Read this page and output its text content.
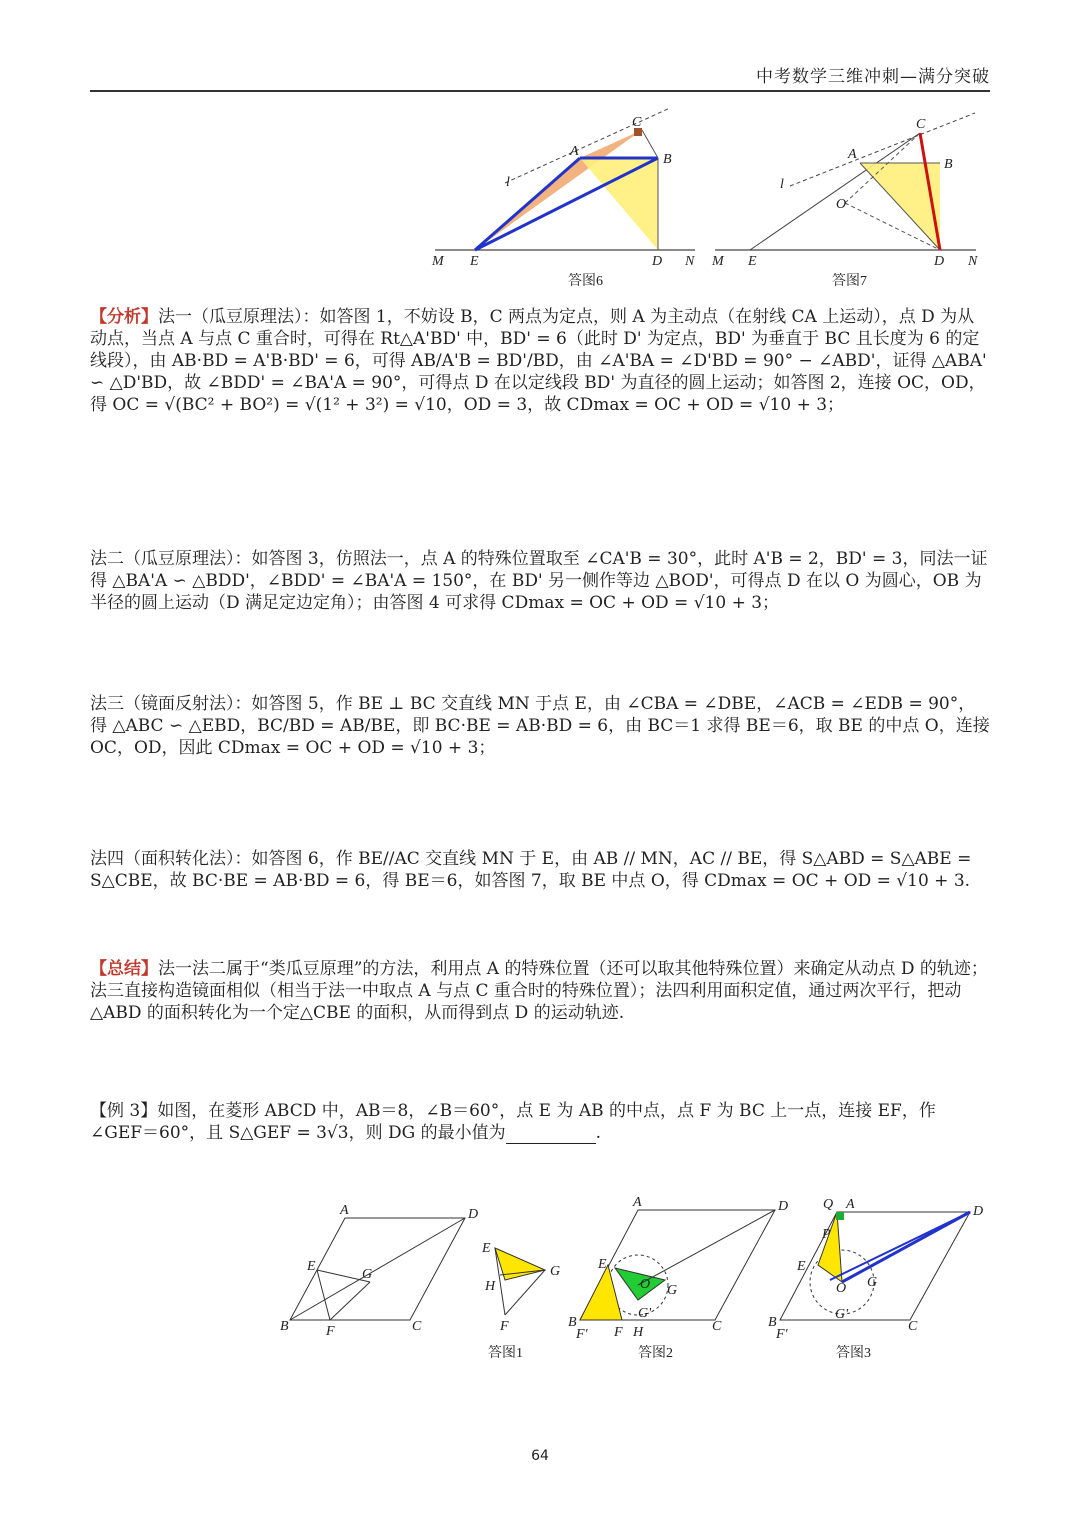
中考数学三维冲刺—满分突破
C
A
B
l
M E	D N
答图6
C
A
B
l
O
M E	D N
答图7
【分析】法一（瓜豆原理法）：如答图 1，不妨设 B，C 两点为定点，则 A 为主动点（在射线 CA 上运动），点 D 为从动点，当点 A 与点 C 重合时，可得在 Rt△A'BD' 中，BD' = 6（此时 D' 为定点，BD' 为垂直于 BC 且长度为 6 的定线段），由 AB·BD = A'B·BD' = 6，可得 AB/A'B = BD'/BD，由 ∠A'BA = ∠D'BD = 90° − ∠ABD'，证得 △ABA' ∽ △D'BD，故 ∠BDD' = ∠BA'A = 90°，可得点 D 在以定线段 BD' 为直径的圆上运动；如答图 2，连接 OC，OD，得 OC = √(BC² + BO²) = √(1² + 3²) = √10，OD = 3，故 CDmax = OC + OD = √10 + 3；
法二（瓜豆原理法）：如答图 3，仿照法一，点 A 的特殊位置取至 ∠CA'B = 30°，此时 A'B = 2，BD' = 3，同法一证得 △BA'A ∽ △BDD'，∠BDD' = ∠BA'A = 150°，在 BD' 另一侧作等边 △BOD'，可得点 D 在以 O 为圆心，OB 为半径的圆上运动（D 满足定边定角）；由答图 4 可求得 CDmax = OC + OD = √10 + 3；
法三（镜面反射法）：如答图 5，作 BE ⊥ BC 交直线 MN 于点 E，由 ∠CBA = ∠DBE，∠ACB = ∠EDB = 90°，得 △ABC ∽ △EBD，BC/BD = AB/BE，即 BC·BE = AB·BD = 6，由 BC＝1 求得 BE＝6，取 BE 的中点 O，连接 OC，OD，因此 CDmax = OC + OD = √10 + 3；
法四（面积转化法）：如答图 6，作 BE//AC 交直线 MN 于 E，由 AB // MN，AC // BE，得 S△ABD = S△ABE = S△CBE，故 BC·BE = AB·BD = 6，得 BE＝6，如答图 7，取 BE 中点 O，得 CDmax = OC + OD = √10 + 3.
【总结】法一法二属于“类瓜豆原理”的方法，利用点 A 的特殊位置（还可以取其他特殊位置）来确定从动点 D 的轨迹；法三直接构造镜面相似（相当于法一中取点 A 与点 C 重合时的特殊位置）；法四利用面积定值，通过两次平行，把动△ABD 的面积转化为一个定△CBE 的面积，从而得到点 D 的运动轨迹.
【例 3】如图，在菱形 ABCD 中，AB＝8，∠B＝60°，点 E 为 AB 的中点，点 F 为 BC 上一点，连接 EF，作 ∠GEF＝60°，且 S△GEF = 3√3，则 DG 的最小值为	.
A	D
E
G
B	F	C
E
G
H
F
答图1
A	D
E
O G
G'
B
F' F H	C
答图2
Q A	D
P
E
O G
G'
B
F'
C
答图3
64
